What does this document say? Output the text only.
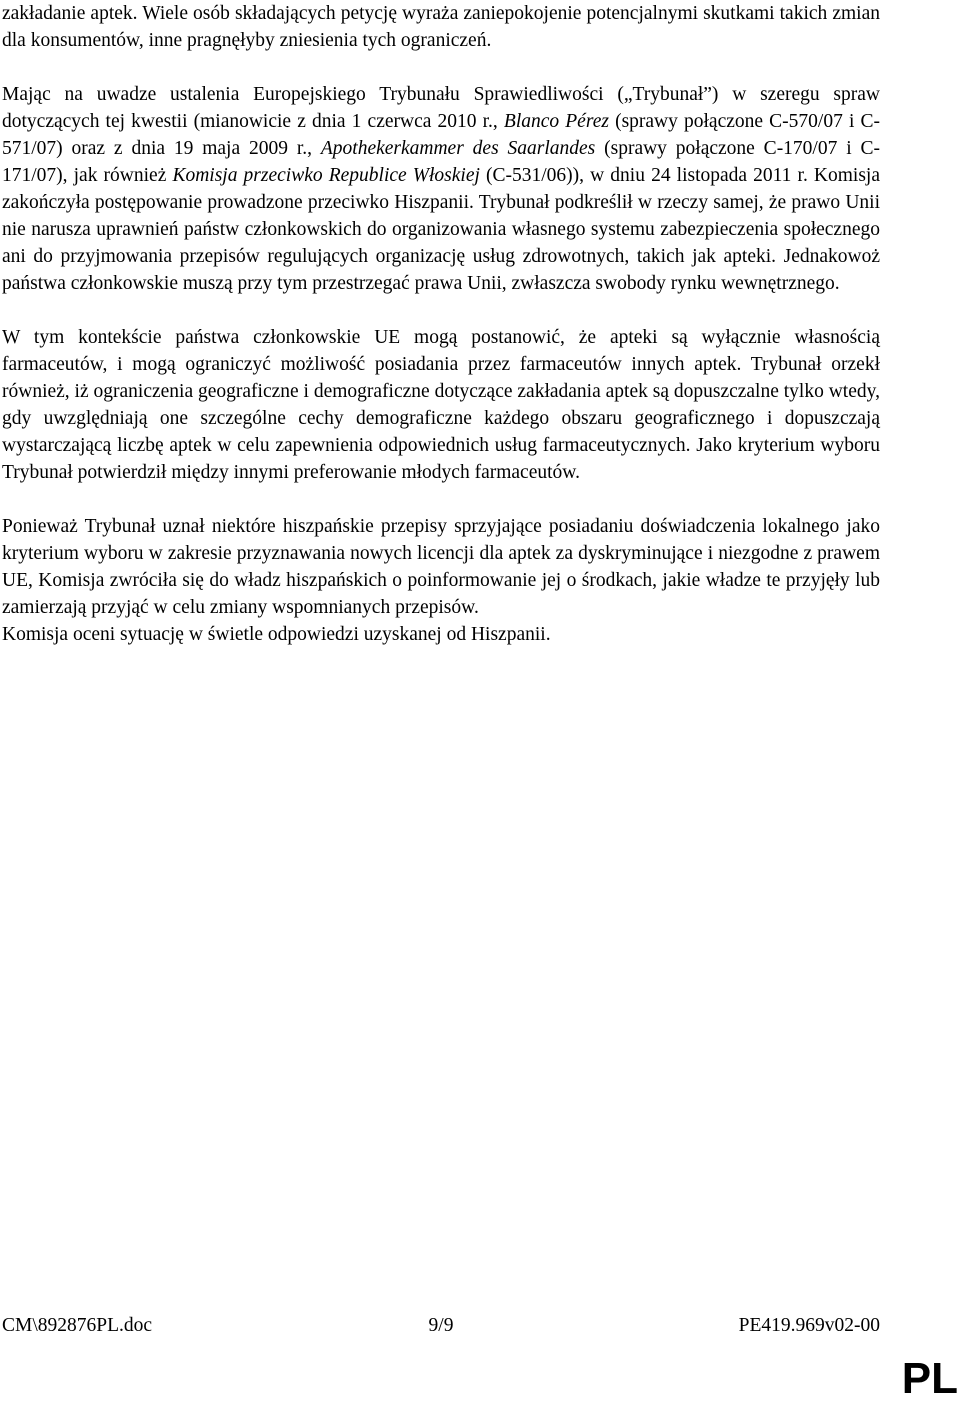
zakładanie aptek. Wiele osób składających petycję wyraża zaniepokojenie potencjalnymi skutkami takich zmian dla konsumentów, inne pragnęłyby zniesienia tych ograniczeń.

Mając na uwadze ustalenia Europejskiego Trybunału Sprawiedliwości („Trybunał”) w szeregu spraw dotyczących tej kwestii (mianowicie z dnia 1 czerwca 2010 r., Blanco Pérez (sprawy połączone C-570/07 i C-571/07) oraz z dnia 19 maja 2009 r., Apothekerkammer des Saarlandes (sprawy połączone C-170/07 i C-171/07), jak również Komisja przeciwko Republice Włoskiej (C-531/06)), w dniu 24 listopada 2011 r. Komisja zakończyła postępowanie prowadzone przeciwko Hiszpanii. Trybunał podkreślił w rzeczy samej, że prawo Unii nie narusza uprawnień państw członkowskich do organizowania własnego systemu zabezpieczenia społecznego ani do przyjmowania przepisów regulujących organizację usług zdrowotnych, takich jak apteki. Jednakowoż państwa członkowskie muszą przy tym przestrzegać prawa Unii, zwłaszcza swobody rynku wewnętrznego.

W tym kontekście państwa członkowskie UE mogą postanowić, że apteki są wyłącznie własnością farmaceutów, i mogą ograniczyć możliwość posiadania przez farmaceutów innych aptek. Trybunał orzekł również, iż ograniczenia geograficzne i demograficzne dotyczące zakładania aptek są dopuszczalne tylko wtedy, gdy uwzględniają one szczególne cechy demograficzne każdego obszaru geograficznego i dopuszczają wystarczającą liczbę aptek w celu zapewnienia odpowiednich usług farmaceutycznych. Jako kryterium wyboru Trybunał potwierdził między innymi preferowanie młodych farmaceutów.

Ponieważ Trybunał uznał niektóre hiszpańskie przepisy sprzyjające posiadaniu doświadczenia lokalnego jako kryterium wyboru w zakresie przyznawania nowych licencji dla aptek za dyskryminujące i niezgodne z prawem UE, Komisja zwróciła się do władz hiszpańskich o poinformowanie jej o środkach, jakie władze te przyjęły lub zamierzają przyjąć w celu zmiany wspomnianych przepisów.

Komisja oceni sytuację w świetle odpowiedzi uzyskanej od Hiszpanii.

CM\892876PL.doc	9/9	PE419.969v02-00
PL
